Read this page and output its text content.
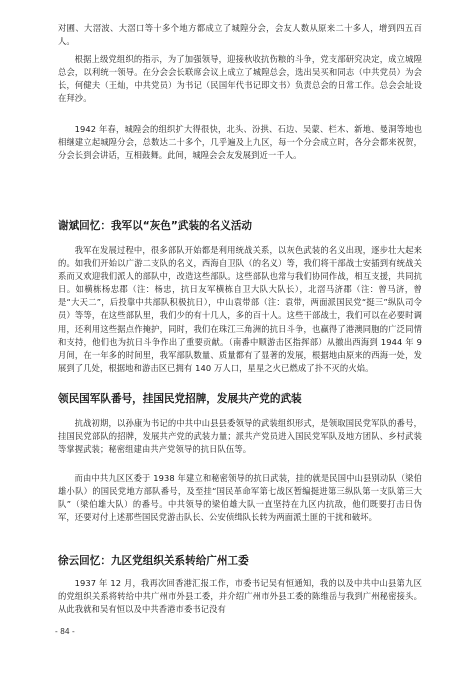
对圃、大滘波、大滘口等十多个地方都成立了城隍分会，会友人数从原来二十多人，增到四五百人。

根据上级党组织的指示，为了加强领导，迎接秋收抗伤粮的斗争，党支部研究决定，成立城隍总会，以利统一领导。在分会会长联席会议上成立了城隍总会，选出吴买和同志（中共党员）为会长，何健夫（王灿，中共党员）为书记（民国年代书记即文书）负责总会的日常工作。总会会址设在拜沙。

1942 年春，城隍会的组织扩大得很快，北头、汾拱、石边、吴蒙、栏木、新地、曼洞等地也相继建立起城隍分会，总数达二十多个，几乎遍及上九区，每一个分会成立时，各分会都来祝贺，分会长到会讲话，互相鼓舞。此间，城隍会会友发展到近一千人。

谢斌回忆：我军以“灰色”武装的名义活动

我军在发展过程中，很多部队开始都是利用统战关系，以灰色武装的名义出现，逐步壮大起来的。如我们开始以广游二支队的名义，西海自卫队（的名义）等，我们将干部战士安插到有统战关系而又欢迎我们派人的部队中，改造这些部队。这些部队也常与我们协同作战，相互支援，共同抗日。如横栋杨忠郡（注：杨忠，抗日友军横栋自卫大队大队长），北滘马济郡（注：曾马济，曾是“大天二”，后投靠中共部队积极抗日），中山袁带部（注：袁带，两面派国民党“挺三”纵队司令员）等等，在这些部队里，我们少的有十几人，多的百十人。这些干部战士，我们可以在必要时调用，还利用这些据点作掩护，同时，我们在珠江三角洲的抗日斗争，也赢得了港澳同胞的广泛同情和支持，他们也为抗日斗争作出了重要贡献。（南番中顺游击区指挥部）从撤出西海到 1944 年 9 月间，在一年多的时间里，我军部队数量、质量都有了显著的发展，根据地由原来的西海一处，发展到了几处，根据地和游击区已拥有 140 万人口，星星之火已燃成了扑不灭的火焰。

领民国军队番号，挂国民党招牌，发展共产党的武装

抗战初期，以孙康为书记的中共中山县县委领导的武装组织形式，是领取国民党军队的番号，挂国民党部队的招牌，发展共产党的武装力量；派共产党员进入国民党军队及地方团队、乡村武装等掌握武装；秘密组建由共产党领导的抗日队伍等。

而由中共九区区委于 1938 年建立和秘密领导的抗日武装，挂的就是民国中山县别动队（梁伯雄小队）的国民党地方部队番号，及至挂“国民革命军第七战区暂编挺进第三纵队第一支队第三大队”（梁伯雄大队）的番号。中共领导的梁伯雄大队一直坚持在九区内抗敌，他们既要打击日伪军，还要对付上述那些国民党游击队长、公安侦缉队长转为两面派土匪的干扰和破坏。

徐云回忆：九区党组织关系转给广州工委

1937 年 12 月，我再次回香港汇报工作，市委书记吴有恒通知，我的以及中共中山县第九区的党组织关系将转给中共广州市外县工委，并介绍广州市外县工委的陈维岳与我到广州秘密接头。从此我就和吴有恒以及中共香港市委书记没有

- 84 -
